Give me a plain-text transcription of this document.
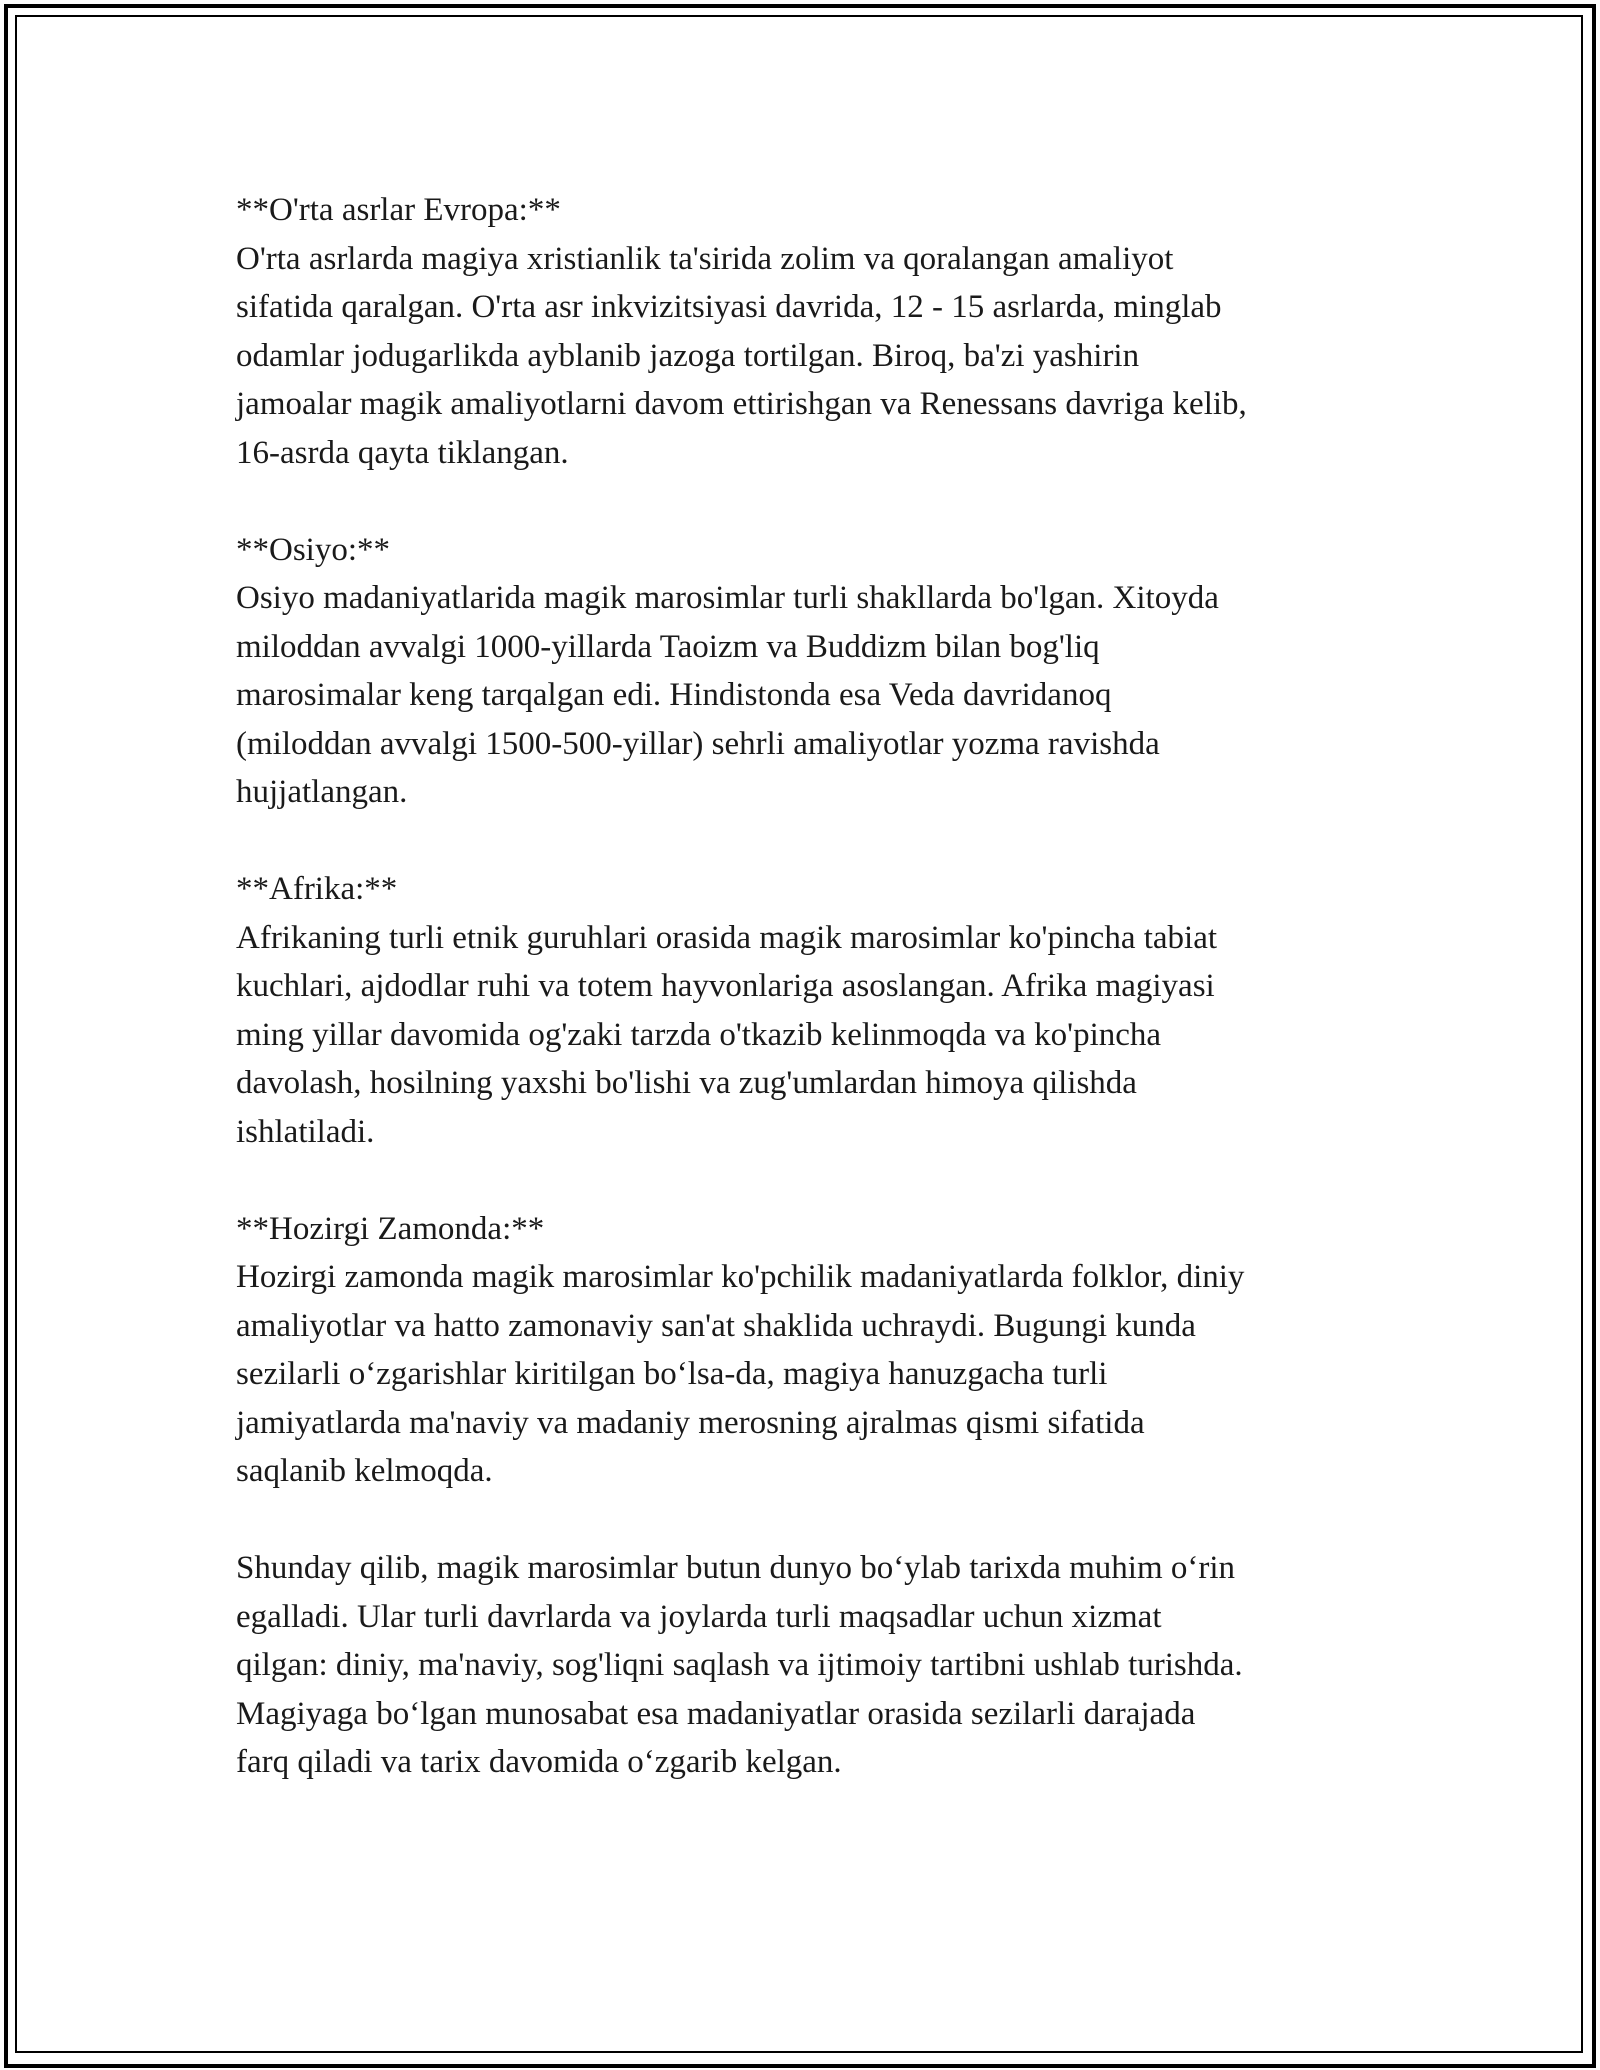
**O'rta asrlar Evropa:**
O'rta asrlarda magiya xristianlik ta'sirida zolim va qoralangan amaliyot
sifatida qaralgan. O'rta asr inkvizitsiyasi davrida, 12 - 15 asrlarda, minglab
odamlar jodugarlikda ayblanib jazoga tortilgan. Biroq, ba'zi yashirin
jamoalar magik amaliyotlarni davom ettirishgan va Renessans davriga kelib,
16-asrda qayta tiklangan.
**Osiyo:**
Osiyo madaniyatlarida magik marosimlar turli shakllarda bo'lgan. Xitoyda
miloddan avvalgi 1000-yillarda Taoizm va Buddizm bilan bog'liq
marosimalar keng tarqalgan edi. Hindistonda esa Veda davridanoq
(miloddan avvalgi 1500-500-yillar) sehrli amaliyotlar yozma ravishda
hujjatlangan.
**Afrika:**
Afrikaning turli etnik guruhlari orasida magik marosimlar ko'pincha tabiat
kuchlari, ajdodlar ruhi va totem hayvonlariga asoslangan. Afrika magiyasi
ming yillar davomida og'zaki tarzda o'tkazib kelinmoqda va ko'pincha
davolash, hosilning yaxshi bo'lishi va zug'umlardan himoya qilishda
ishlatiladi.
**Hozirgi Zamonda:**
Hozirgi zamonda magik marosimlar ko'pchilik madaniyatlarda folklor, diniy
amaliyotlar va hatto zamonaviy san'at shaklida uchraydi. Bugungi kunda
sezilarli o‘zgarishlar kiritilgan bo‘lsa-da, magiya hanuzgacha turli
jamiyatlarda ma'naviy va madaniy merosning ajralmas qismi sifatida
saqlanib kelmoqda.
Shunday qilib, magik marosimlar butun dunyo bo‘ylab tarixda muhim o‘rin
egalladi. Ular turli davrlarda va joylarda turli maqsadlar uchun xizmat
qilgan: diniy, ma'naviy, sog'liqni saqlash va ijtimoiy tartibni ushlab turishda.
Magiyaga bo‘lgan munosabat esa madaniyatlar orasida sezilarli darajada
farq qiladi va tarix davomida o‘zgarib kelgan.
